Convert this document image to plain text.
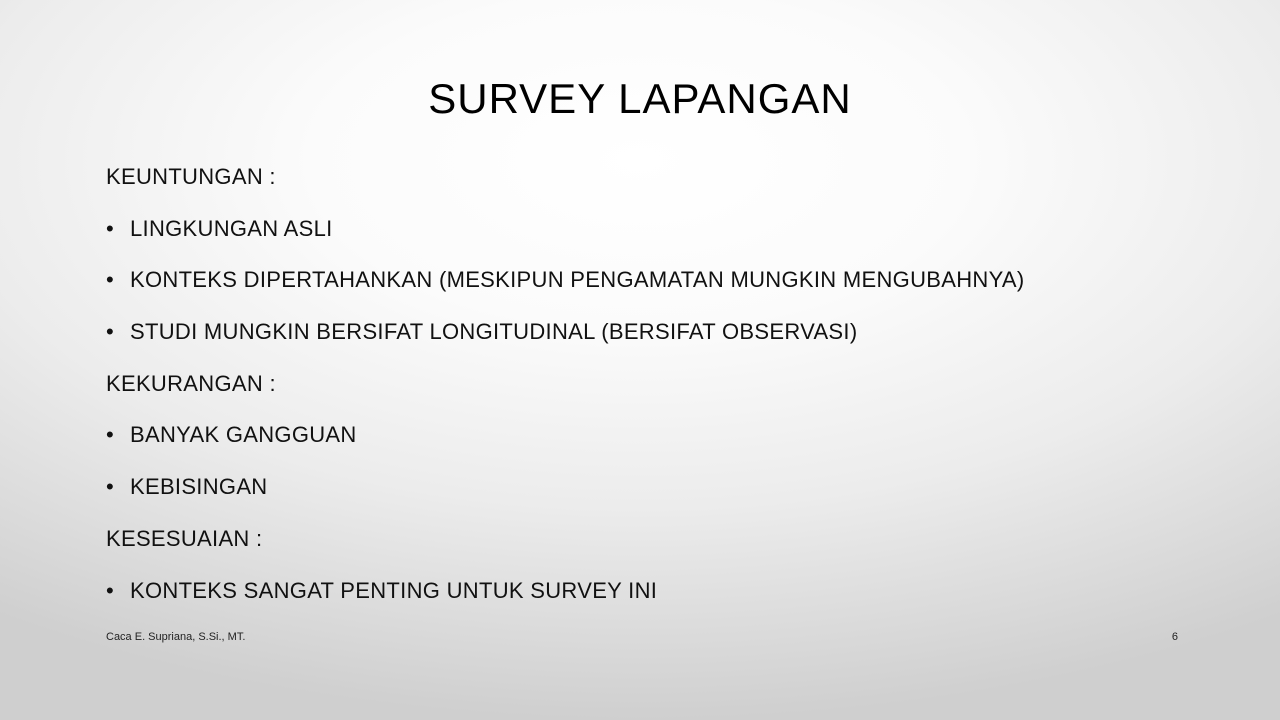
SURVEY LAPANGAN
KEUNTUNGAN :
• LINGKUNGAN ASLI
• KONTEKS DIPERTAHANKAN (MESKIPUN PENGAMATAN MUNGKIN MENGUBAHNYA)
• STUDI MUNGKIN BERSIFAT LONGITUDINAL (BERSIFAT OBSERVASI)
KEKURANGAN :
• BANYAK GANGGUAN
• KEBISINGAN
KESESUAIAN :
• KONTEKS SANGAT PENTING UNTUK SURVEY INI
Caca E. Supriana, S.Si., MT.	6
